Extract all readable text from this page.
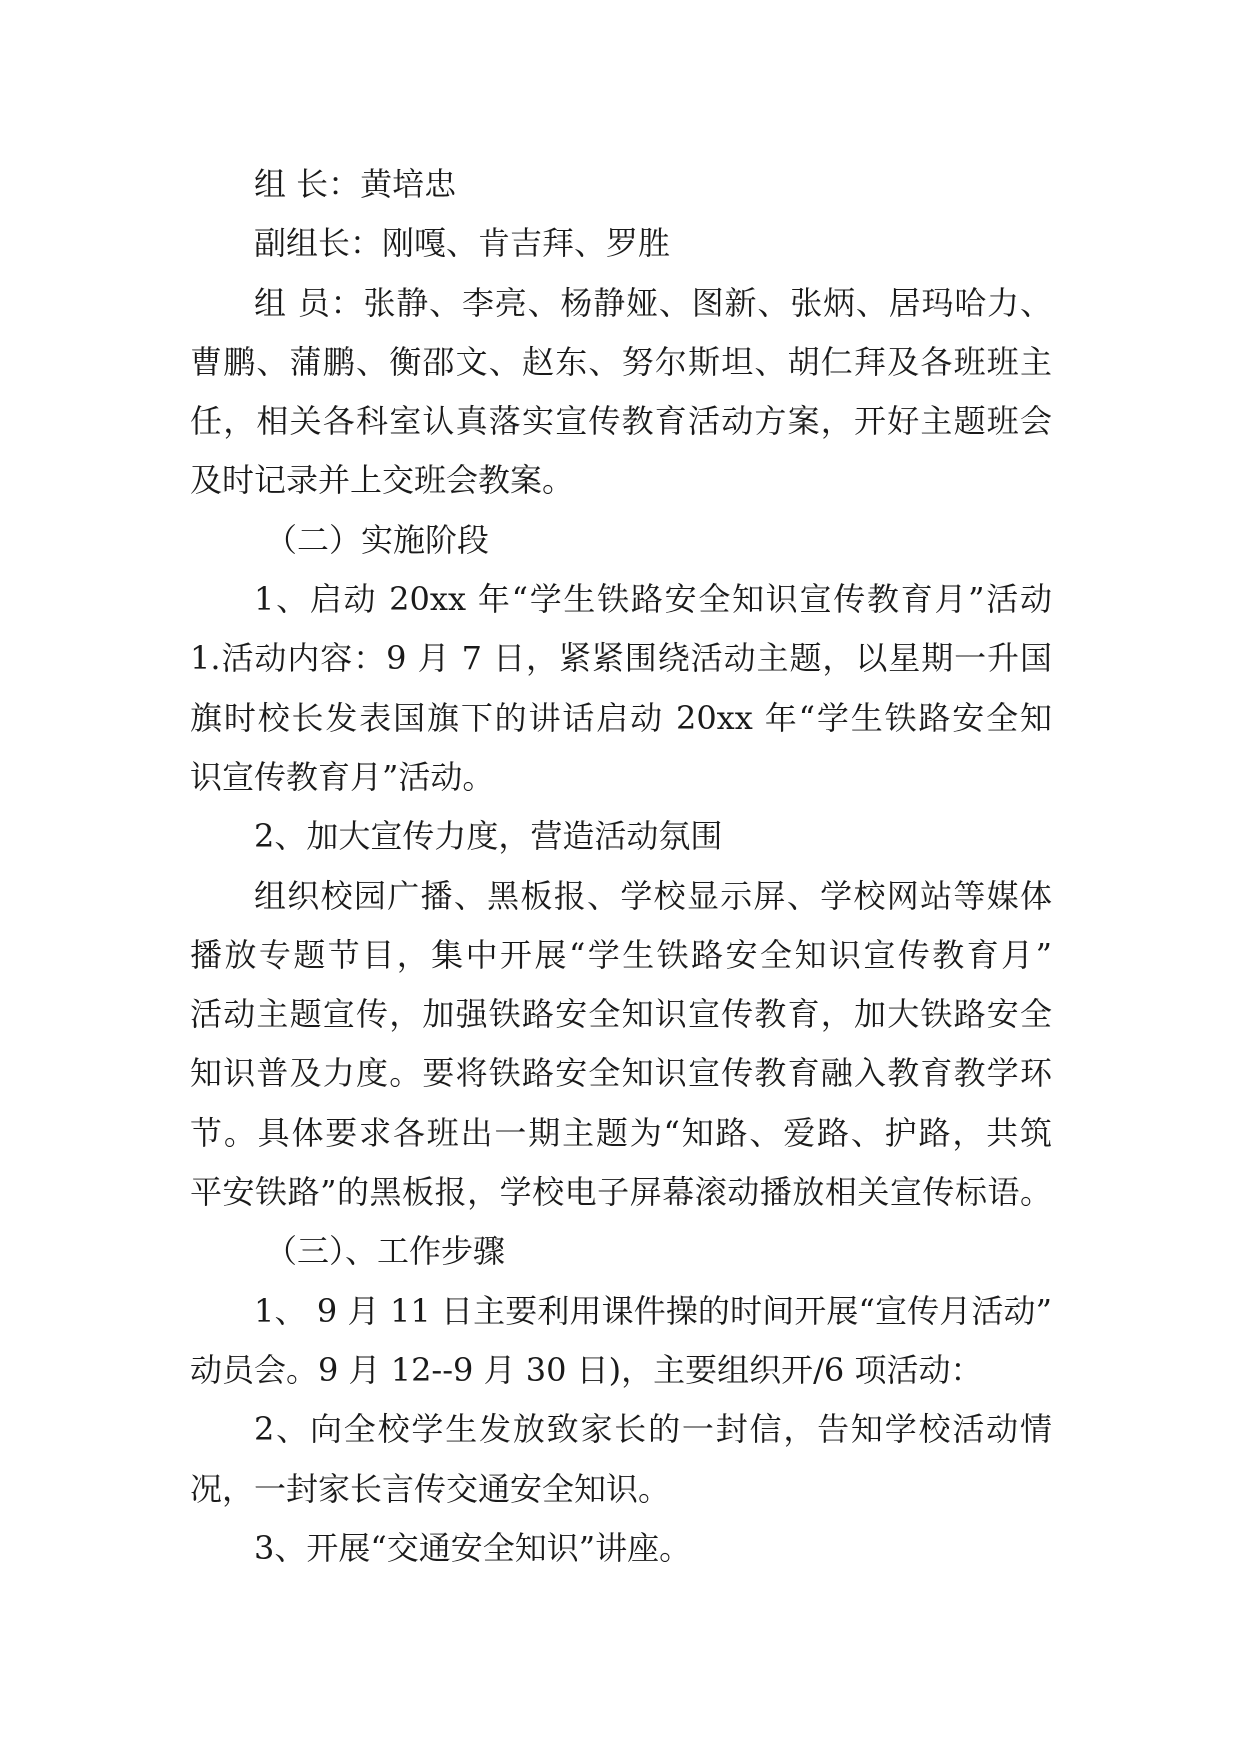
组 长：黄培忠
副组长：刚嘎、肯吉拜、罗胜
组 员：张静、李亮、杨静娅、图新、张炳、居玛哈力、
曹鹏、蒲鹏、衡邵文、赵东、努尔斯坦、胡仁拜及各班班主
任，相关各科室认真落实宣传教育活动方案，开好主题班会
及时记录并上交班会教案。
（二）实施阶段
1、启动 20xx 年“学生铁路安全知识宣传教育月”活动
1.活动内容：9 月 7 日，紧紧围绕活动主题，以星期一升国
旗时校长发表国旗下的讲话启动 20xx 年“学生铁路安全知
识宣传教育月”活动。
2、加大宣传力度，营造活动氛围
组织校园广播、黑板报、学校显示屏、学校网站等媒体
播放专题节目，集中开展“学生铁路安全知识宣传教育月”
活动主题宣传，加强铁路安全知识宣传教育，加大铁路安全
知识普及力度。要将铁路安全知识宣传教育融入教育教学环
节。具体要求各班出一期主题为“知路、爱路、护路，共筑
平安铁路”的黑板报，学校电子屏幕滚动播放相关宣传标语。
（三）、工作步骤
1、 9 月 11 日主要利用课件操的时间开展“宣传月活动”
动员会。9 月 12--9 月 30 日)，主要组织开/6 项活动：
2、向全校学生发放致家长的一封信，告知学校活动情
况，一封家长言传交通安全知识。
3、开展“交通安全知识”讲座。
